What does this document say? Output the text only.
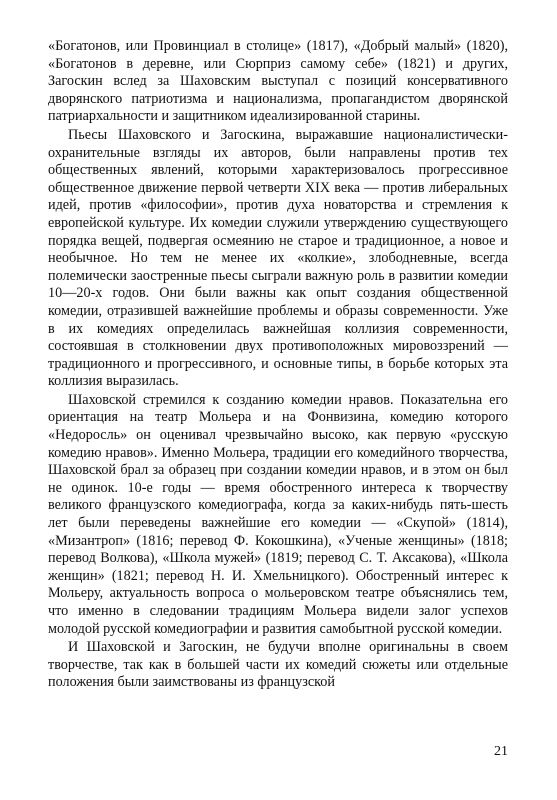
«Богатонов, или Провинциал в столице» (1817), «Добрый малый» (1820), «Богатонов в деревне, или Сюрприз самому себе» (1821) и других, Загоскин вслед за Шаховским выступал с позиций консервативного дворянского патриотизма и национализма, пропагандистом дворянской патриархальности и защитником идеализированной старины.

Пьесы Шаховского и Загоскина, выражавшие националистически-охранительные взгляды их авторов, были направлены против тех общественных явлений, которыми характеризовалось прогрессивное общественное движение первой четверти XIX века — против либеральных идей, против «философии», против духа новаторства и стремления к европейской культуре. Их комедии служили утверждению существующего порядка вещей, подвергая осмеянию не старое и традиционное, а новое и необычное. Но тем не менее их «колкие», злободневные, всегда полемически заостренные пьесы сыграли важную роль в развитии комедии 10—20-х годов. Они были важны как опыт создания общественной комедии, отразившей важнейшие проблемы и образы современности. Уже в их комедиях определилась важнейшая коллизия современности, состоявшая в столкновении двух противоположных мировоззрений — традиционного и прогрессивного, и основные типы, в борьбе которых эта коллизия выразилась.

Шаховской стремился к созданию комедии нравов. Показательна его ориентация на театр Мольера и на Фонвизина, комедию которого «Недоросль» он оценивал чрезвычайно высоко, как первую «русскую комедию нравов». Именно Мольера, традиции его комедийного творчества, Шаховской брал за образец при создании комедии нравов, и в этом он был не одинок. 10-е годы — время обостренного интереса к творчеству великого французского комедиографа, когда за каких-нибудь пять-шесть лет были переведены важнейшие его комедии — «Скупой» (1814), «Мизантроп» (1816; перевод Ф. Кокошкина), «Ученые женщины» (1818; перевод Волкова), «Школа мужей» (1819; перевод С. Т. Аксакова), «Школа женщин» (1821; перевод Н. И. Хмельницкого). Обостренный интерес к Мольеру, актуальность вопроса о мольеровском театре объяснялись тем, что именно в следовании традициям Мольера видели залог успехов молодой русской комедиографии и развития самобытной русской комедии.

И Шаховской и Загоскин, не будучи вполне оригинальны в своем творчестве, так как в большей части их комедий сюжеты или отдельные положения были заимствованы из французской

21
